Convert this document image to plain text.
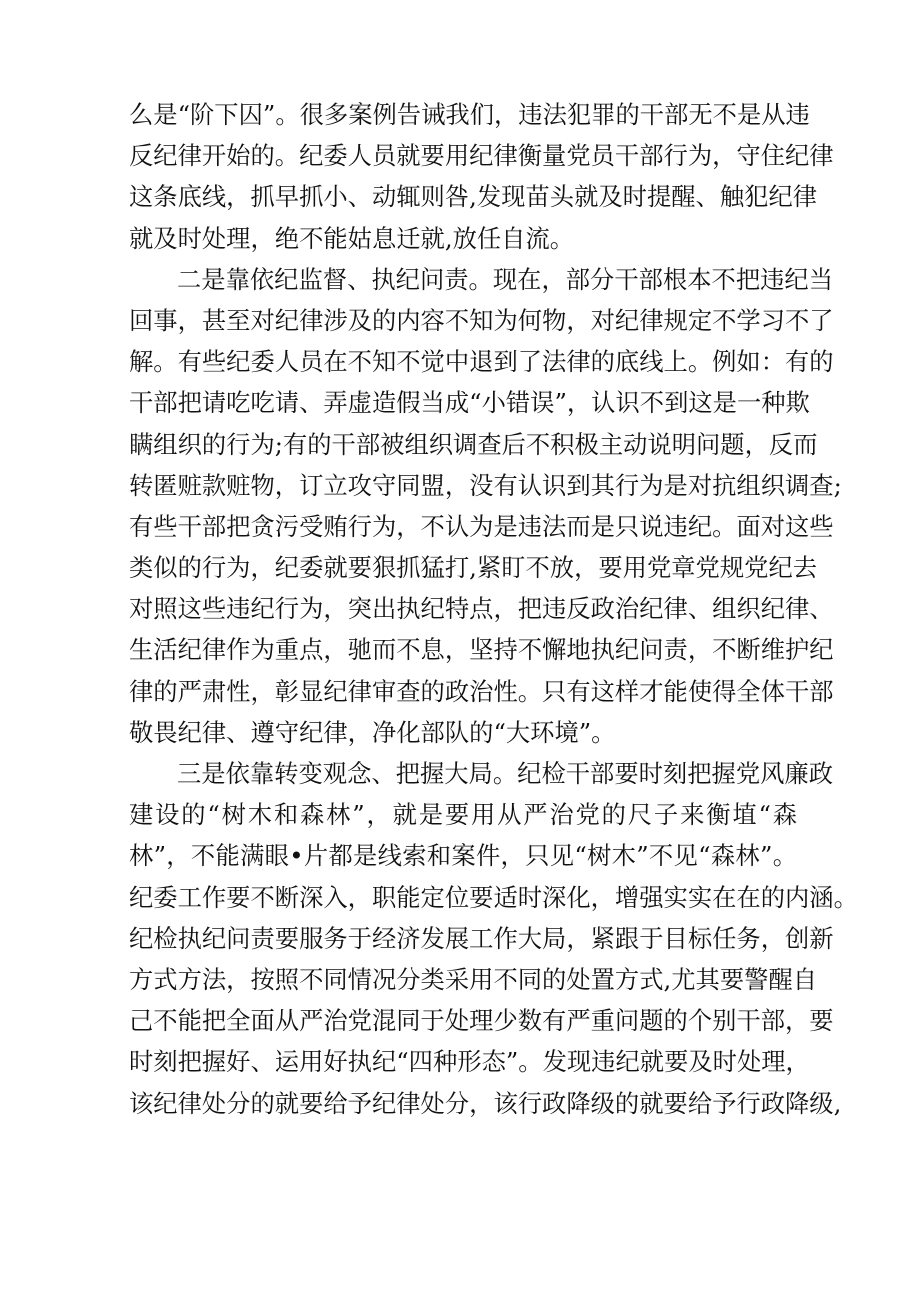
么是“阶下囚”。很多案例告诫我们，违法犯罪的干部无不是从违
反纪律开始的。纪委人员就要用纪律衡量党员干部行为，守住纪律
这条底线，抓早抓小、动辄则咎,发现苗头就及时提醒、触犯纪律
就及时处理，绝不能姑息迁就,放任自流。
二是靠依纪监督、执纪问责。现在，部分干部根本不把违纪当
回事，甚至对纪律涉及的内容不知为何物，对纪律规定不学习不了
解。有些纪委人员在不知不觉中退到了法律的底线上。例如：有的
干部把请吃吃请、弄虚造假当成“小错误”，认识不到这是一种欺
瞒组织的行为;有的干部被组织调查后不积极主动说明问题，反而
转匿赃款赃物，订立攻守同盟，没有认识到其行为是对抗组织调查;
有些干部把贪污受贿行为，不认为是违法而是只说违纪。面对这些
类似的行为，纪委就要狠抓猛打,紧盯不放，要用党章党规党纪去
对照这些违纪行为，突出执纪特点，把违反政治纪律、组织纪律、
生活纪律作为重点，驰而不息，坚持不懈地执纪问责，不断维护纪
律的严肃性，彰显纪律审查的政治性。只有这样才能使得全体干部
敬畏纪律、遵守纪律，净化部队的“大环境”。
三是依靠转变观念、把握大局。纪检干部要时刻把握党风廉政
建设的“树木和森林”，就是要用从严治党的尺子来衡埴“森
林”，不能满眼•片都是线索和案件，只见“树木”不见“森林”。
纪委工作要不断深入，职能定位要适时深化，增强实实在在的内涵。
纪检执纪问责要服务于经济发展工作大局，紧跟于目标任务，创新
方式方法，按照不同情况分类采用不同的处置方式,尤其要警醒自
己不能把全面从严治党混同于处理少数有严重问题的个别干部，要
时刻把握好、运用好执纪“四种形态”。发现违纪就要及时处理，
该纪律处分的就要给予纪律处分，该行政降级的就要给予行政降级,
